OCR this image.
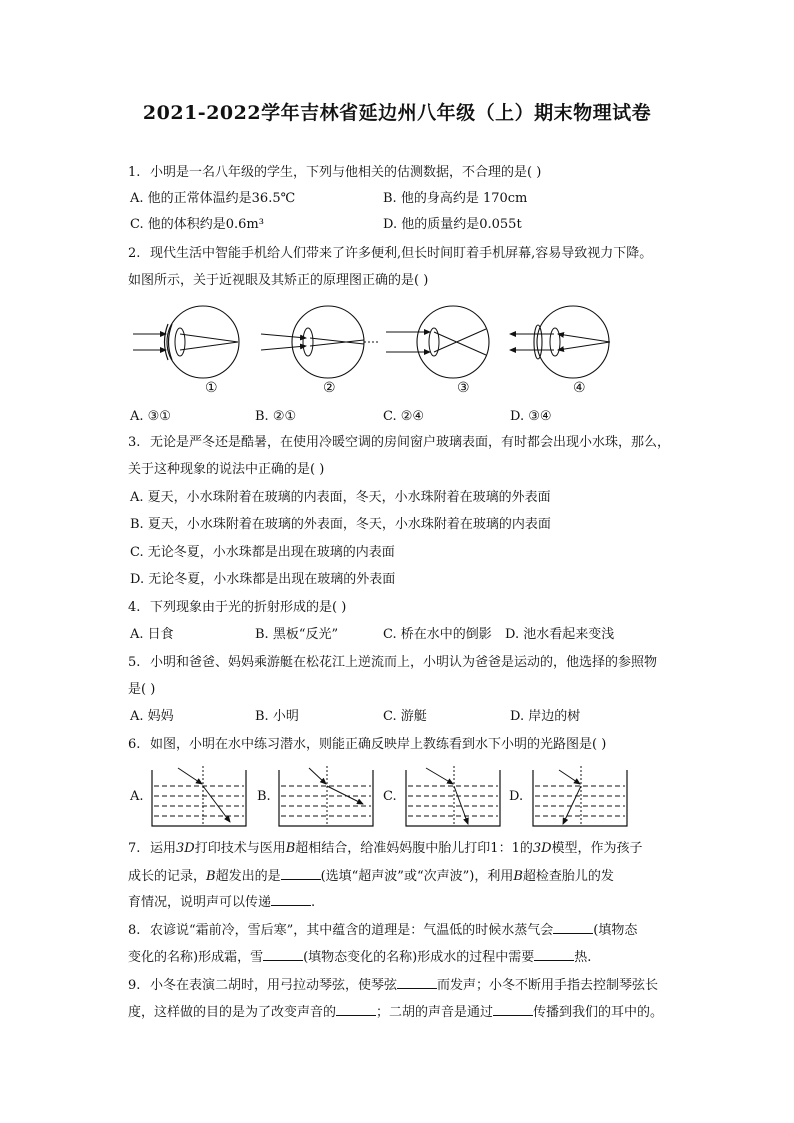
2021-2022学年吉林省延边州八年级（上）期末物理试卷
1. 小明是一名八年级的学生，下列与他相关的估测数据，不合理的是( )
A. 他的正常体温约是36.5℃	B. 他的身高约是 170cm
C. 他的体积约是0.6m³	D. 他的质量约是0.055t
2. 现代生活中智能手机给人们带来了许多便利,但长时间盯着手机屏幕,容易导致视力下降。
如图所示，关于近视眼及其矫正的原理图正确的是( )
①	②	③	④
A. ③①	B. ②①	C. ②④	D. ③④
3. 无论是严冬还是酷暑，在使用冷暖空调的房间窗户玻璃表面，有时都会出现小水珠，那么，
关于这种现象的说法中正确的是( )
A. 夏天，小水珠附着在玻璃的内表面，冬天，小水珠附着在玻璃的外表面
B. 夏天，小水珠附着在玻璃的外表面，冬天，小水珠附着在玻璃的内表面
C. 无论冬夏，小水珠都是出现在玻璃的内表面
D. 无论冬夏，小水珠都是出现在玻璃的外表面
4. 下列现象由于光的折射形成的是( )
A. 日食	B. 黑板“反光”	C. 桥在水中的倒影 D. 池水看起来变浅
5. 小明和爸爸、妈妈乘游艇在松花江上逆流而上，小明认为爸爸是运动的，他选择的参照物
是( )
A. 妈妈	B. 小明	C. 游艇	D. 岸边的树
6. 如图，小明在水中练习潜水，则能正确反映岸上教练看到水下小明的光路图是( )
A.	B.	C.	D.
7. 运用3D打印技术与医用B超相结合，给准妈妈腹中胎儿打印1：1的3D模型，作为孩子
成长的记录，B超发出的是	(选填“超声波”或“次声波”)，利用B超检查胎儿的发
育情况，说明声可以传递	.
8. 农谚说“霜前冷，雪后寒”，其中蕴含的道理是：气温低的时候水蒸气会	(填物态
变化的名称)形成霜，雪	(填物态变化的名称)形成水的过程中需要	热.
9. 小冬在表演二胡时，用弓拉动琴弦，使琴弦	而发声；小冬不断用手指去控制琴弦长
度，这样做的目的是为了改变声音的	；二胡的声音是通过	传播到我们的耳中的。
